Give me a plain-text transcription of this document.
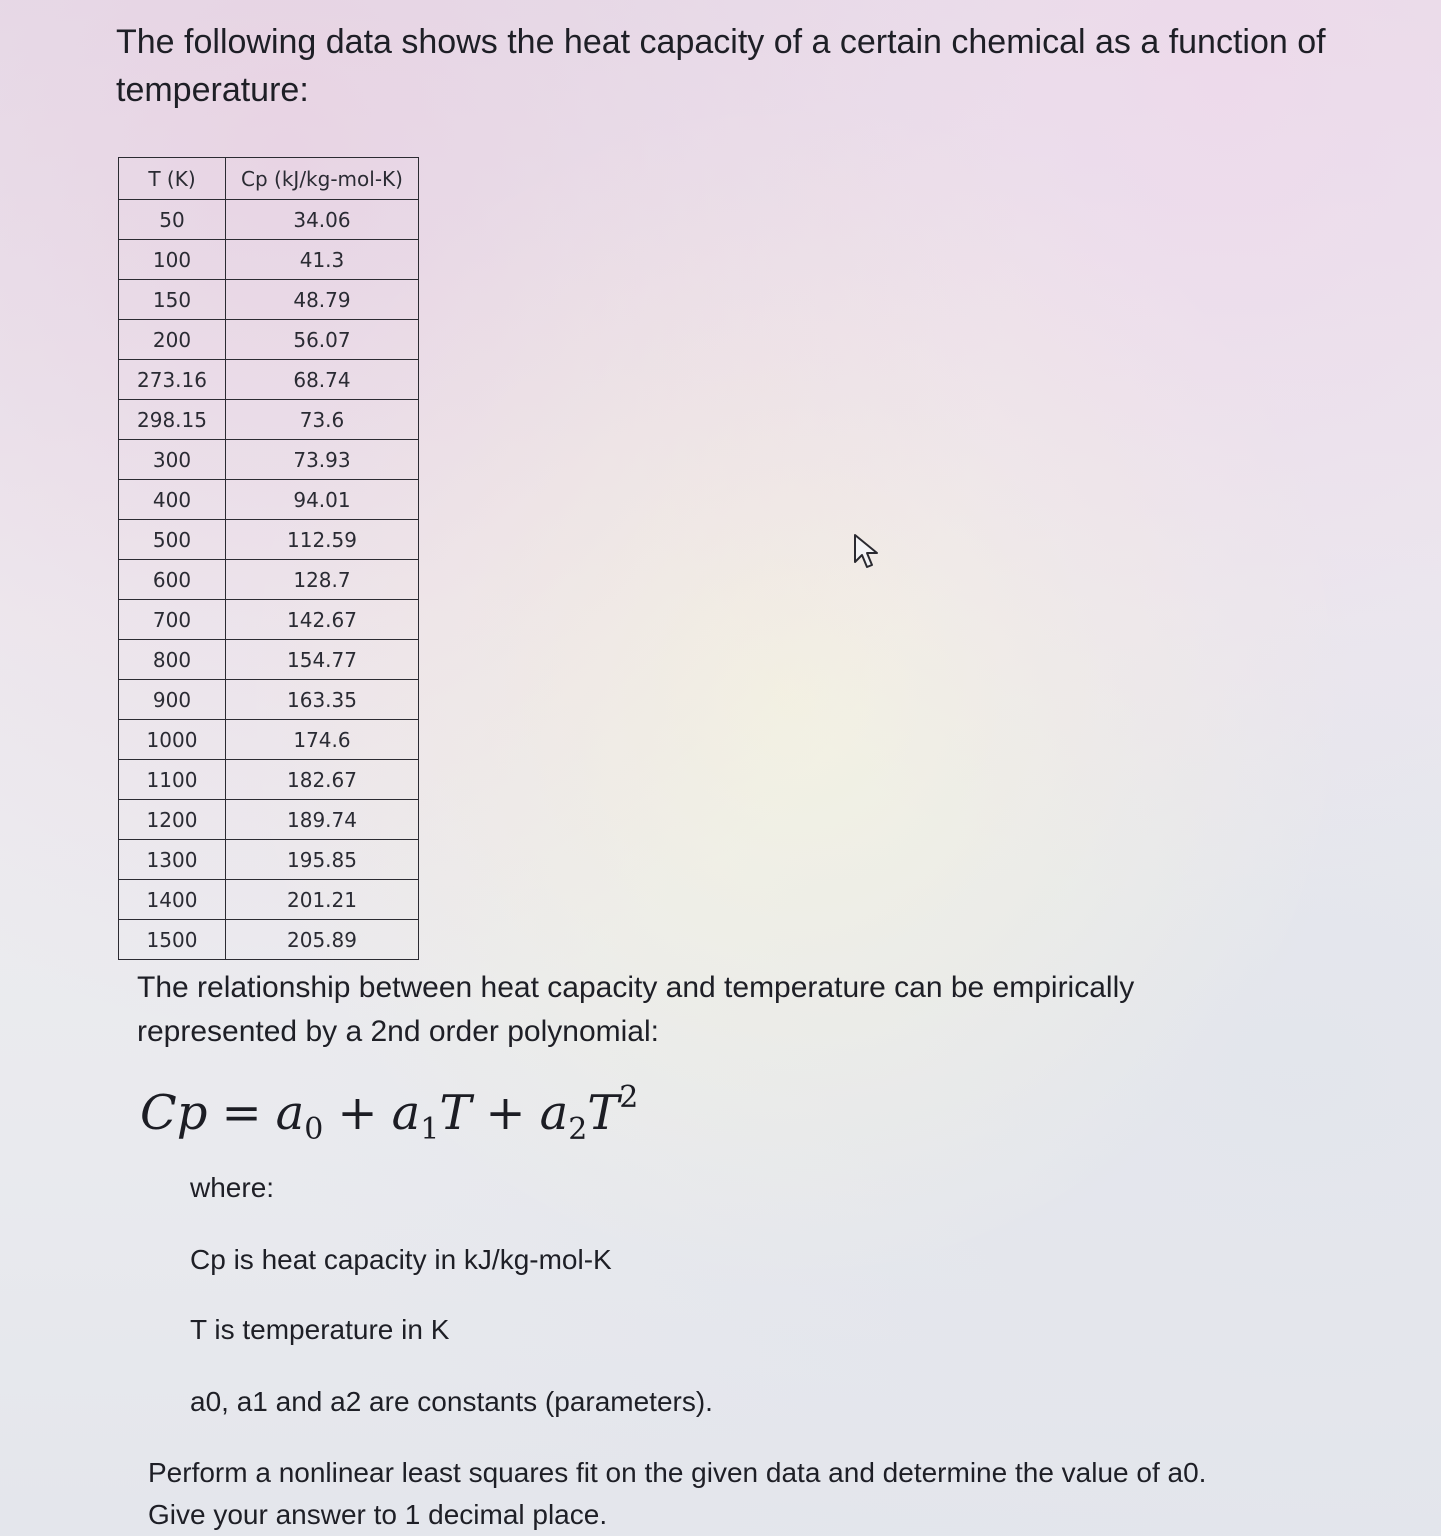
The following data shows the heat capacity of a certain chemical as a function of temperature:

T (K)	Cp (kJ/kg-mol-K)
50	34.06
100	41.3
150	48.79
200	56.07
273.16	68.74
298.15	73.6
300	73.93
400	94.01
500	112.59
600	128.7
700	142.67
800	154.77
900	163.35
1000	174.6
1100	182.67
1200	189.74
1300	195.85
1400	201.21
1500	205.89

The relationship between heat capacity and temperature can be empirically represented by a 2nd order polynomial:

$Cp = a_0 + a_1T + a_2T^2$

where:

Cp is heat capacity in kJ/kg-mol-K

T is temperature in K

a0, a1 and a2 are constants (parameters).

Perform a nonlinear least squares fit on the given data and determine the value of a0. Give your answer to 1 decimal place.
